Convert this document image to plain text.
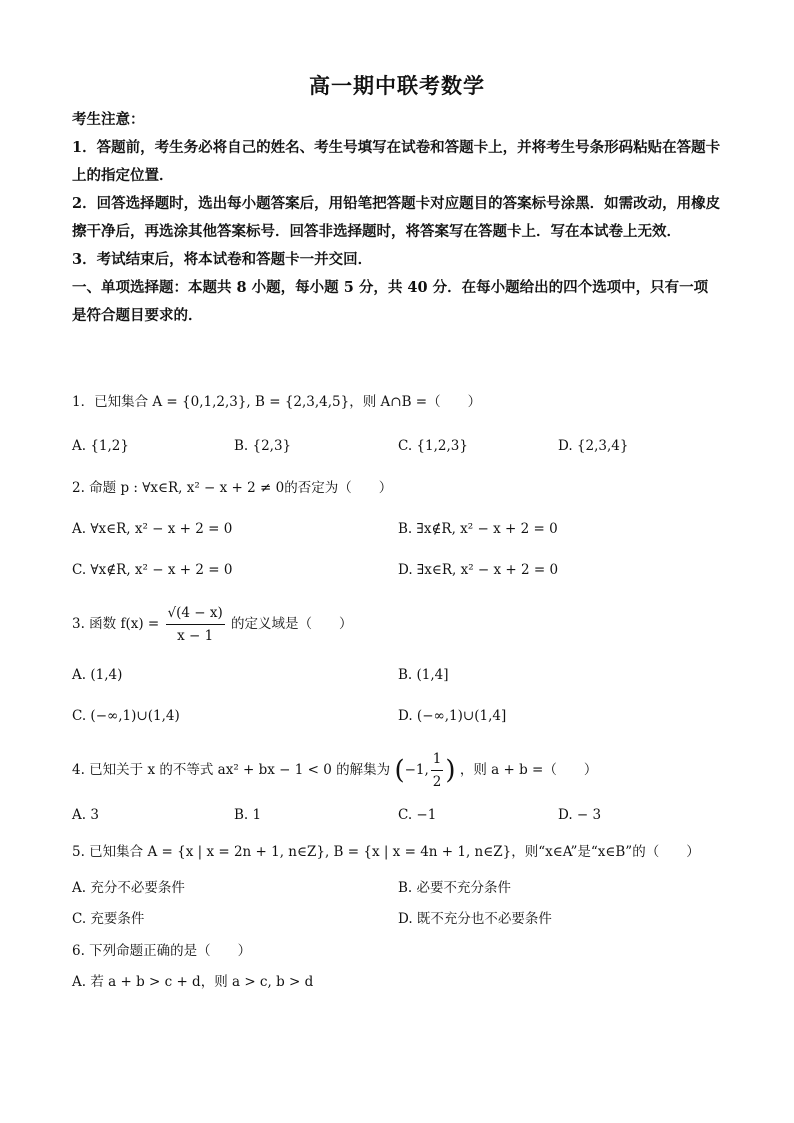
高一期中联考数学

考生注意：

1．答题前，考生务必将自己的姓名、考生号填写在试卷和答题卡上，并将考生号条形码粘贴在答题卡上的指定位置．

2．回答选择题时，选出每小题答案后，用铅笔把答题卡对应题目的答案标号涂黑．如需改动，用橡皮擦干净后，再选涂其他答案标号．回答非选择题时，将答案写在答题卡上．写在本试卷上无效．

3．考试结束后，将本试卷和答题卡一并交回．

一、单项选择题：本题共 8 小题，每小题 5 分，共 40 分．在每小题给出的四个选项中，只有一项是符合题目要求的．

1．已知集合 A = {0,1,2,3}, B = {2,3,4,5}，则 A∩B =（　　）
A. {1,2}	B. {2,3}	C. {1,2,3}	D. {2,3,4}
2. 命题 p : ∀x∈R, x² − x + 2 ≠ 0的否定为（　　）
A. ∀x∈R, x² − x + 2 = 0	B. ∃x∉R, x² − x + 2 = 0
C. ∀x∉R, x² − x + 2 = 0	D. ∃x∈R, x² − x + 2 = 0
3. 函数 $f(x) = \frac{√(4 - x)}{x - 1}$ 的定义域是（　　）
A. (1,4)	B. (1,4]
C. (−∞,1)∪(1,4)	D. (−∞,1)∪(1,4]
4. 已知关于 x 的不等式 ax² + bx − 1 < 0 的解集为 (−1, $\frac{1}{2}$ ) ，则 a + b =（　　）
A. 3	B. 1	C. −1	D. − 3
5. 已知集合 A = {x | x = 2n + 1, n∈Z}, B = {x | x = 4n + 1, n∈Z}，则“x∈A”是“x∈B”的（　　）
A. 充分不必要条件	B. 必要不充分条件
C. 充要条件	D. 既不充分也不必要条件
6. 下列命题正确的是（　　）
A. 若 a + b > c + d，则 a > c, b > d
